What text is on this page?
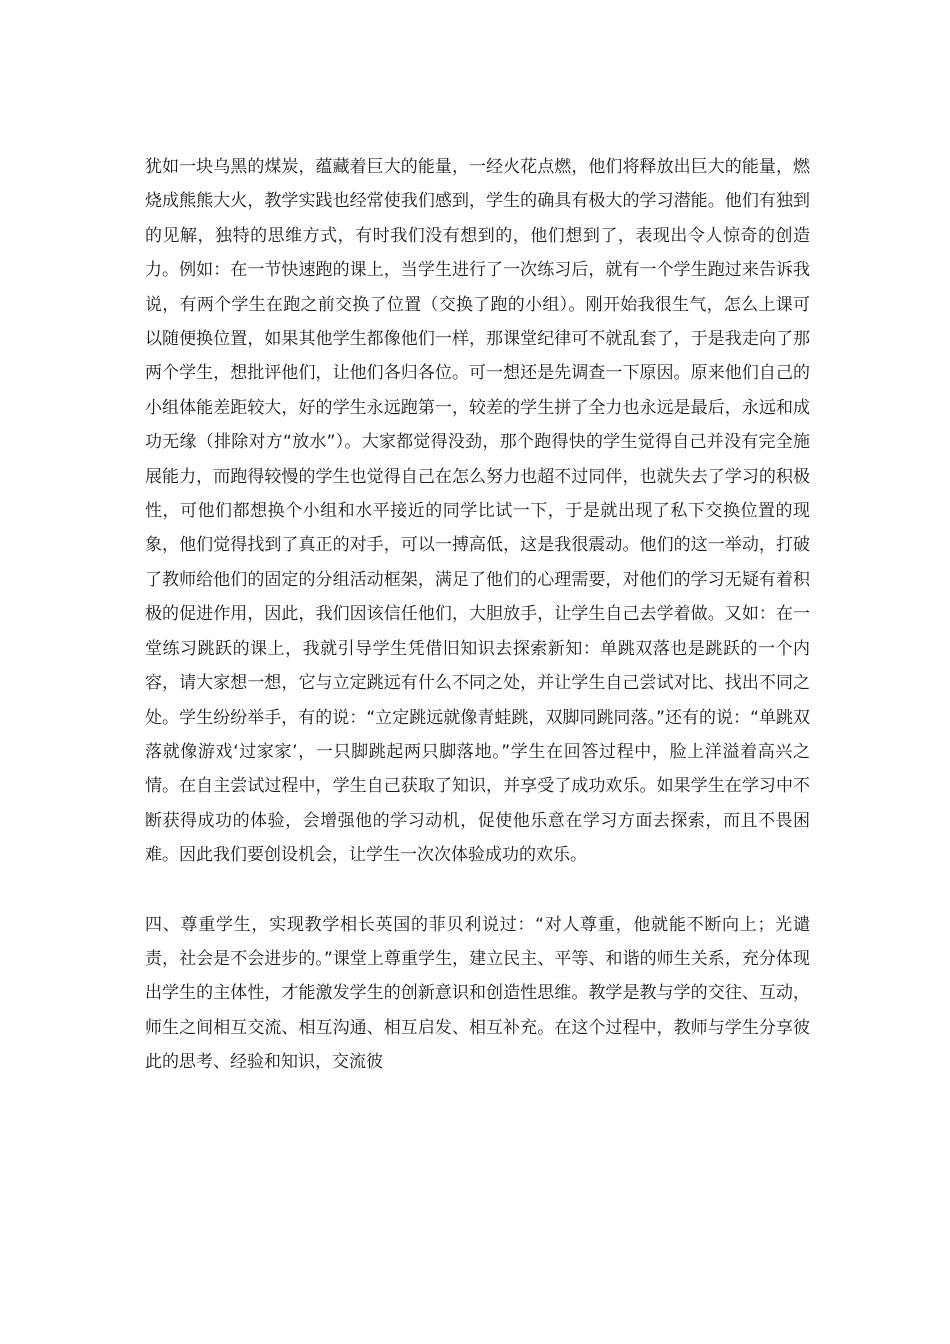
犹如一块乌黑的煤炭，蕴藏着巨大的能量，一经火花点燃，他们将释放出巨大的能量，燃烧成熊熊大火，教学实践也经常使我们感到，学生的确具有极大的学习潜能。他们有独到的见解，独特的思维方式，有时我们没有想到的，他们想到了，表现出令人惊奇的创造力。例如：在一节快速跑的课上，当学生进行了一次练习后，就有一个学生跑过来告诉我说，有两个学生在跑之前交换了位置（交换了跑的小组）。刚开始我很生气，怎么上课可以随便换位置，如果其他学生都像他们一样，那课堂纪律可不就乱套了，于是我走向了那两个学生，想批评他们，让他们各归各位。可一想还是先调查一下原因。原来他们自己的小组体能差距较大，好的学生永远跑第一，较差的学生拼了全力也永远是最后，永远和成功无缘（排除对方“放水”）。大家都觉得没劲，那个跑得快的学生觉得自己并没有完全施展能力，而跑得较慢的学生也觉得自己在怎么努力也超不过同伴，也就失去了学习的积极性，可他们都想换个小组和水平接近的同学比试一下，于是就出现了私下交换位置的现象，他们觉得找到了真正的对手，可以一搏高低，这是我很震动。他们的这一举动，打破了教师给他们的固定的分组活动框架，满足了他们的心理需要，对他们的学习无疑有着积极的促进作用，因此，我们因该信任他们，大胆放手，让学生自己去学着做。又如：在一堂练习跳跃的课上，我就引导学生凭借旧知识去探索新知：单跳双落也是跳跃的一个内容，请大家想一想，它与立定跳远有什么不同之处，并让学生自己尝试对比、找出不同之处。学生纷纷举手，有的说：“立定跳远就像青蛙跳，双脚同跳同落。”还有的说：“单跳双落就像游戏‘过家家’，一只脚跳起两只脚落地。”学生在回答过程中，脸上洋溢着高兴之情。在自主尝试过程中，学生自己获取了知识，并享受了成功欢乐。如果学生在学习中不断获得成功的体验，会增强他的学习动机，促使他乐意在学习方面去探索，而且不畏困难。因此我们要创设机会，让学生一次次体验成功的欢乐。

四、尊重学生，实现教学相长英国的菲贝利说过：“对人尊重，他就能不断向上；光谴责，社会是不会进步的。”课堂上尊重学生，建立民主、平等、和谐的师生关系，充分体现出学生的主体性，才能激发学生的创新意识和创造性思维。教学是教与学的交往、互动，师生之间相互交流、相互沟通、相互启发、相互补充。在这个过程中，教师与学生分享彼此的思考、经验和知识，交流彼
